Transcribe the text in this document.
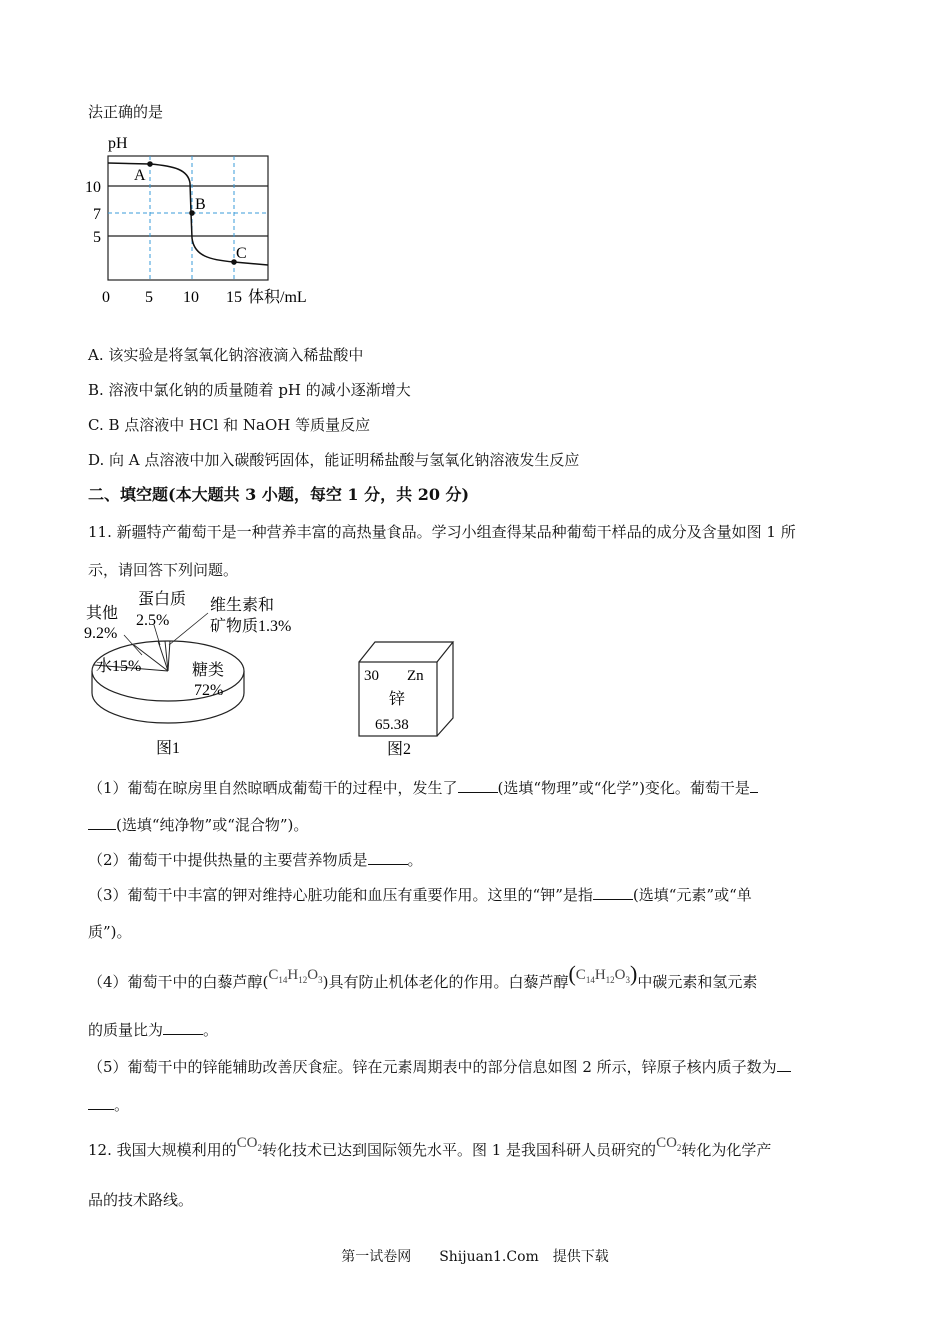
法正确的是
pH
A
B
C
10
7
5
0 5 10 15 体积/mL
A. 该实验是将氢氧化钠溶液滴入稀盐酸中
B. 溶液中氯化钠的质量随着 pH 的减小逐渐增大
C. B 点溶液中 HCl 和 NaOH 等质量反应
D. 向 A 点溶液中加入碳酸钙固体，能证明稀盐酸与氢氧化钠溶液发生反应
二、填空题(本大题共 3 小题，每空 1 分，共 20 分)
11. 新疆特产葡萄干是一种营养丰富的高热量食品。学习小组查得某品种葡萄干样品的成分及含量如图 1 所
示，请回答下列问题。
其他
9.2%
蛋白质
2.5%
维生素和
矿物质1.3%
水15%	糖类
72%
图1
30 Zn
锌
65.38
图2
（1）葡萄在晾房里自然晾晒成葡萄干的过程中，发生了	(选填“物理”或“化学”)变化。葡萄干是
(选填“纯净物”或“混合物”)。
（2）葡萄干中提供热量的主要营养物质是	。
（3）葡萄干中丰富的钾对维持心脏功能和血压有重要作用。这里的“钾”是指	(选填“元素”或“单
质”)。
（4）葡萄干中的白藜芦醇$(C_{14}H_{12}O_3)$具有防止机体老化的作用。白藜芦醇$(C_{14}H_{12}O_3)$中碳元素和氢元素
的质量比为	。
（5）葡萄干中的锌能辅助改善厌食症。锌在元素周期表中的部分信息如图 2 所示，锌原子核内质子数为
。
12. 我国大规模利用的$CO_2$转化技术已达到国际领先水平。图 1 是我国科研人员研究的$CO_2$转化为化学产
品的技术路线。
第一试卷网　　Shijuan1.Com　提供下载
